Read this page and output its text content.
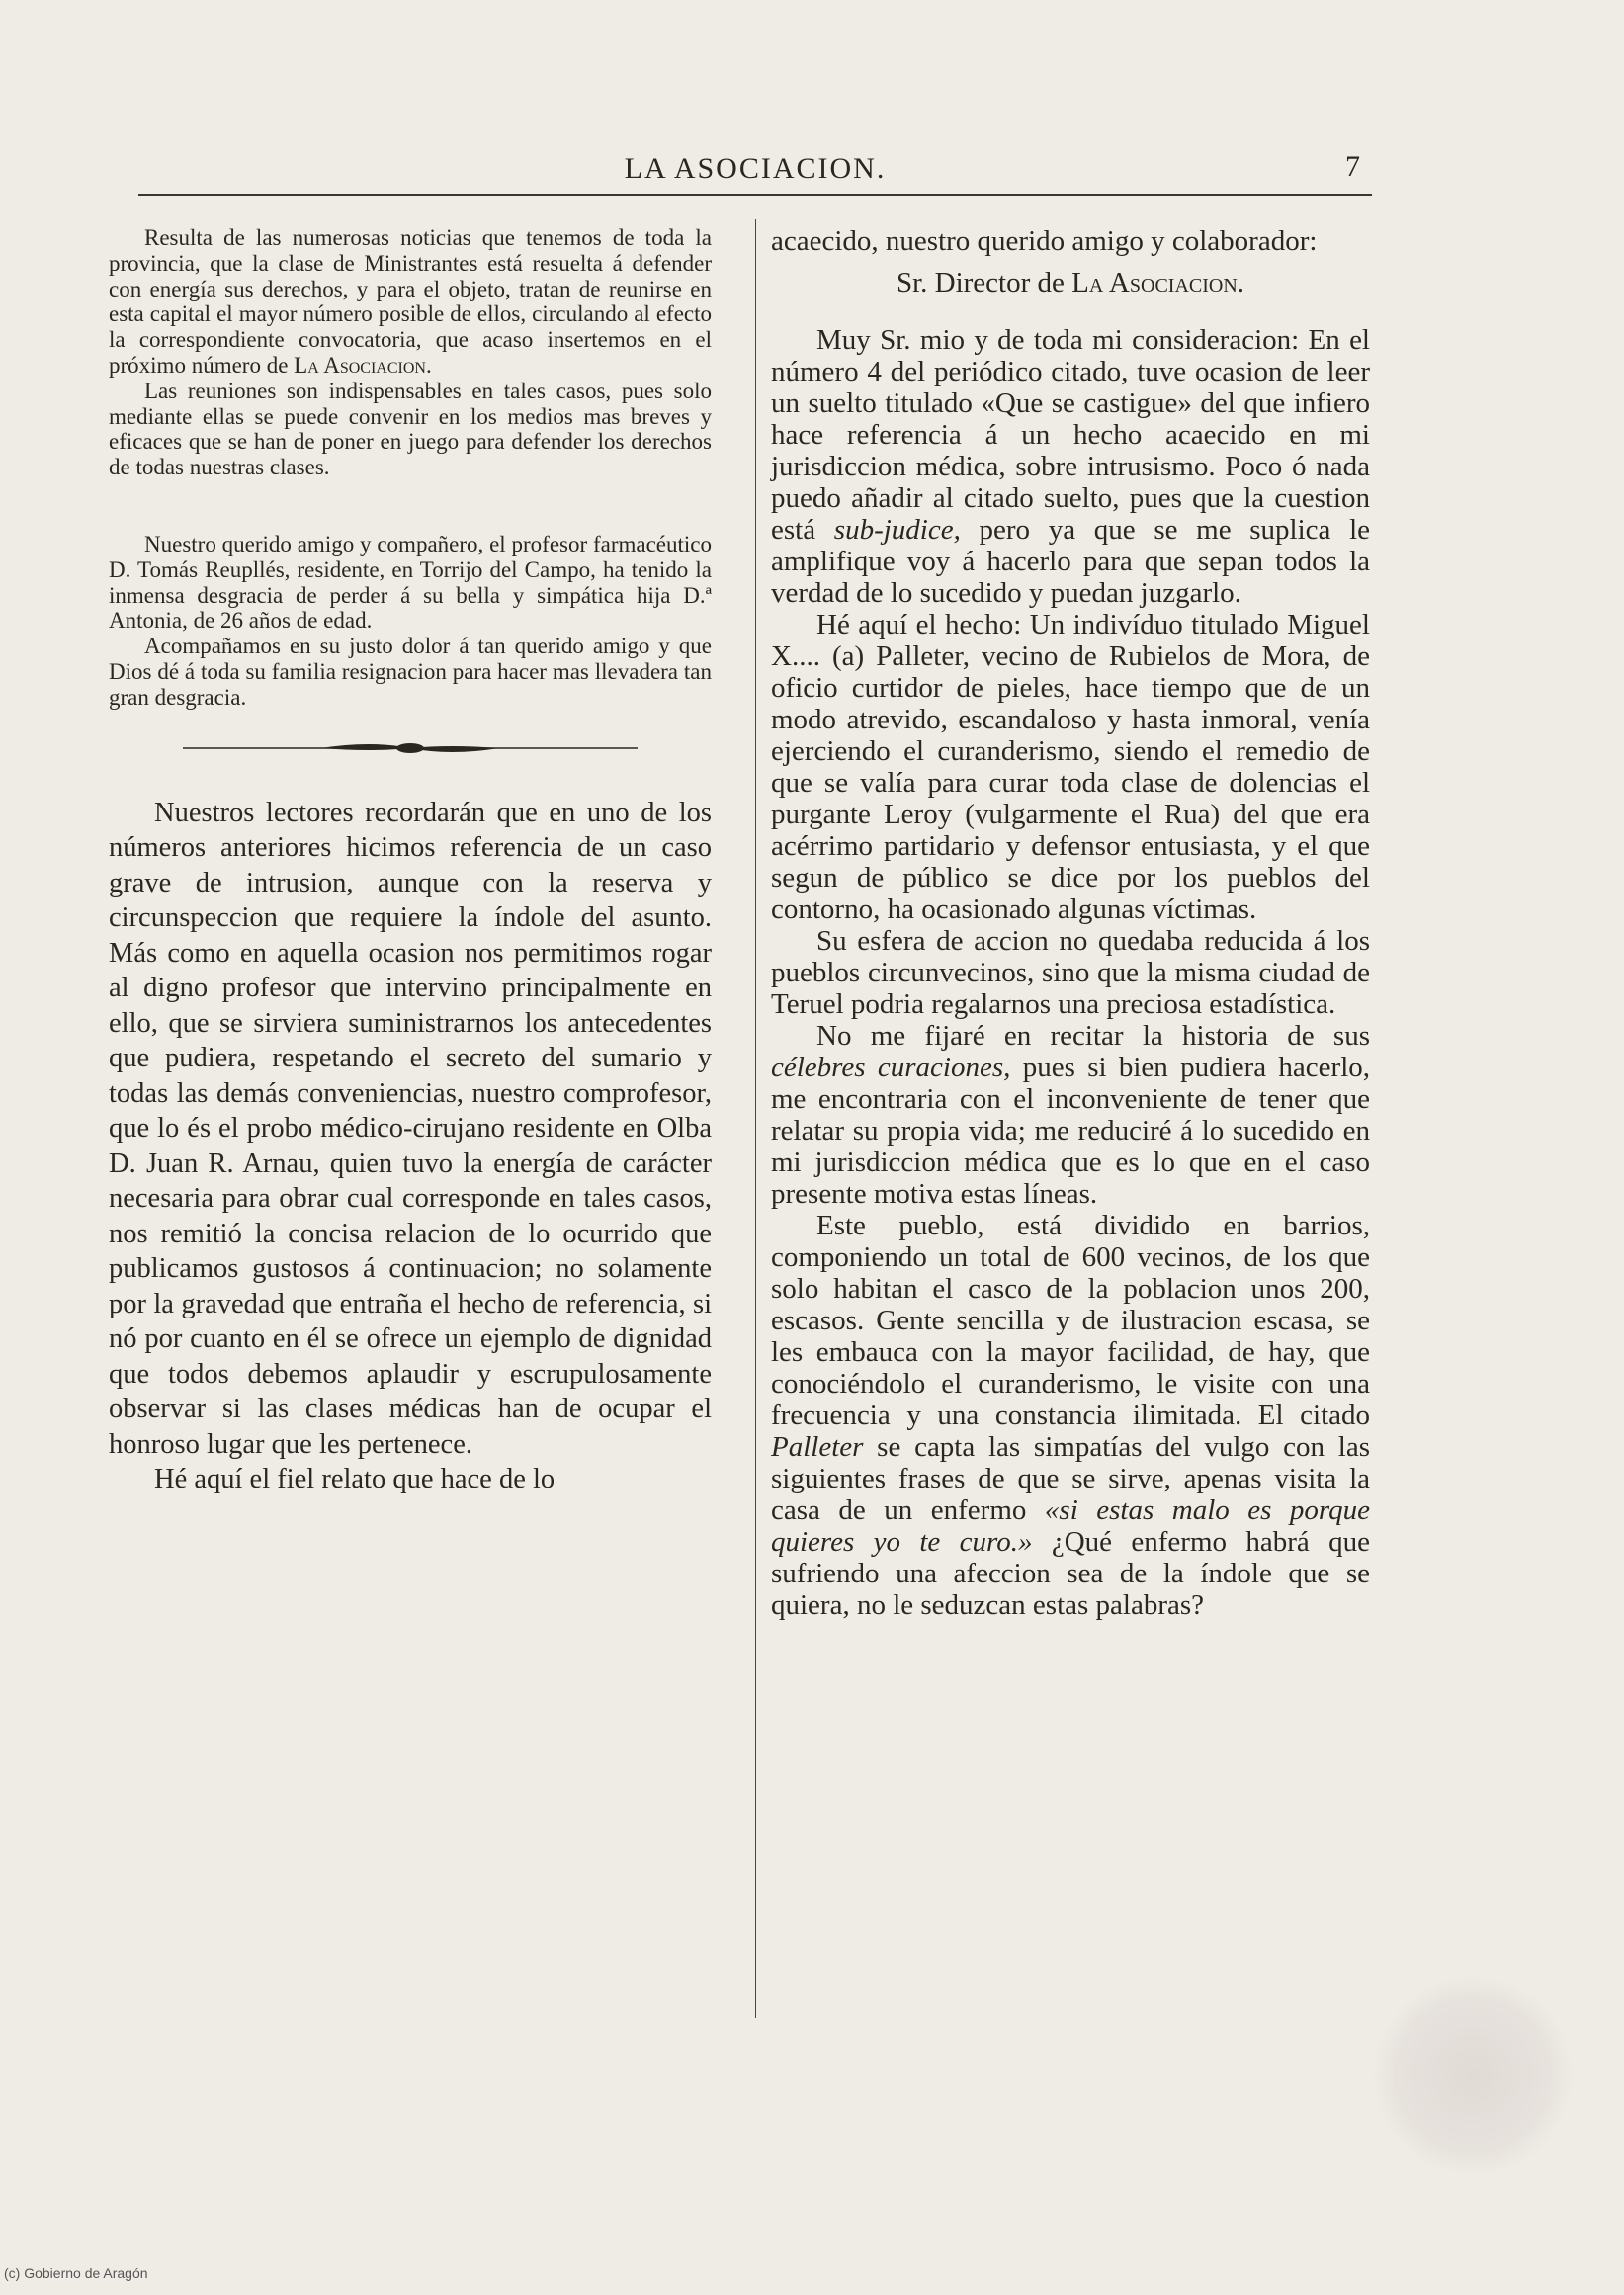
LA ASOCIACION.	7

Resulta de las numerosas noticias que tenemos de toda la provincia, que la clase de Ministrantes está resuelta á defender con energía sus derechos, y para el objeto, tratan de reunirse en esta capital el mayor número posible de ellos, circulando al efecto la correspondiente convocatoria, que acaso insertemos en el próximo número de La Asociacion.

Las reuniones son indispensables en tales casos, pues solo mediante ellas se puede convenir en los medios mas breves y eficaces que se han de poner en juego para defender los derechos de todas nuestras clases.

Nuestro querido amigo y compañero, el profesor farmacéutico D. Tomás Reupllés, residente, en Torrijo del Campo, ha tenido la inmensa desgracia de perder á su bella y simpática hija D.ª Antonia, de 26 años de edad.

Acompañamos en su justo dolor á tan querido amigo y que Dios dé á toda su familia resignacion para hacer mas llevadera tan gran desgracia.

Nuestros lectores recordarán que en uno de los números anteriores hicimos referencia de un caso grave de intrusion, aunque con la reserva y circunspeccion que requiere la índole del asunto. Más como en aquella ocasion nos permitimos rogar al digno profesor que intervino principalmente en ello, que se sirviera suministrarnos los antecedentes que pudiera, respetando el secreto del sumario y todas las demás conveniencias, nuestro comprofesor, que lo és el probo médico-cirujano residente en Olba D. Juan R. Arnau, quien tuvo la energía de carácter necesaria para obrar cual corresponde en tales casos, nos remitió la concisa relacion de lo ocurrido que publicamos gustosos á continuacion; no solamente por la gravedad que entraña el hecho de referencia, si nó por cuanto en él se ofrece un ejemplo de dignidad que todos debemos aplaudir y escrupulosamente observar si las clases médicas han de ocupar el honroso lugar que les pertenece.

Hé aquí el fiel relato que hace de lo

acaecido, nuestro querido amigo y colaborador:

Sr. Director de La Asociacion.

Muy Sr. mio y de toda mi consideracion: En el número 4 del periódico citado, tuve ocasion de leer un suelto titulado «Que se castigue» del que infiero hace referencia á un hecho acaecido en mi jurisdiccion médica, sobre intrusismo. Poco ó nada puedo añadir al citado suelto, pues que la cuestion está sub-judice, pero ya que se me suplica le amplifique voy á hacerlo para que sepan todos la verdad de lo sucedido y puedan juzgarlo.

Hé aquí el hecho: Un indivíduo titulado Miguel X.... (a) Palleter, vecino de Rubielos de Mora, de oficio curtidor de pieles, hace tiempo que de un modo atrevido, escandaloso y hasta inmoral, venía ejerciendo el curanderismo, siendo el remedio de que se valía para curar toda clase de dolencias el purgante Leroy (vulgarmente el Rua) del que era acérrimo partidario y defensor entusiasta, y el que segun de público se dice por los pueblos del contorno, ha ocasionado algunas víctimas.

Su esfera de accion no quedaba reducida á los pueblos circunvecinos, sino que la misma ciudad de Teruel podria regalarnos una preciosa estadística.

No me fijaré en recitar la historia de sus célebres curaciones, pues si bien pudiera hacerlo, me encontraria con el inconveniente de tener que relatar su propia vida; me reduciré á lo sucedido en mi jurisdiccion médica que es lo que en el caso presente motiva estas líneas.

Este pueblo, está dividido en barrios, componiendo un total de 600 vecinos, de los que solo habitan el casco de la poblacion unos 200, escasos. Gente sencilla y de ilustracion escasa, se les embauca con la mayor facilidad, de hay, que conociéndolo el curanderismo, le visite con una frecuencia y una constancia ilimitada. El citado Palleter se capta las simpatías del vulgo con las siguientes frases de que se sirve, apenas visita la casa de un enfermo «si estas malo es porque quieres yo te curo.» ¿Qué enfermo habrá que sufriendo una afeccion sea de la índole que se quiera, no le seduzcan estas palabras?

(c) Gobierno de Aragón
